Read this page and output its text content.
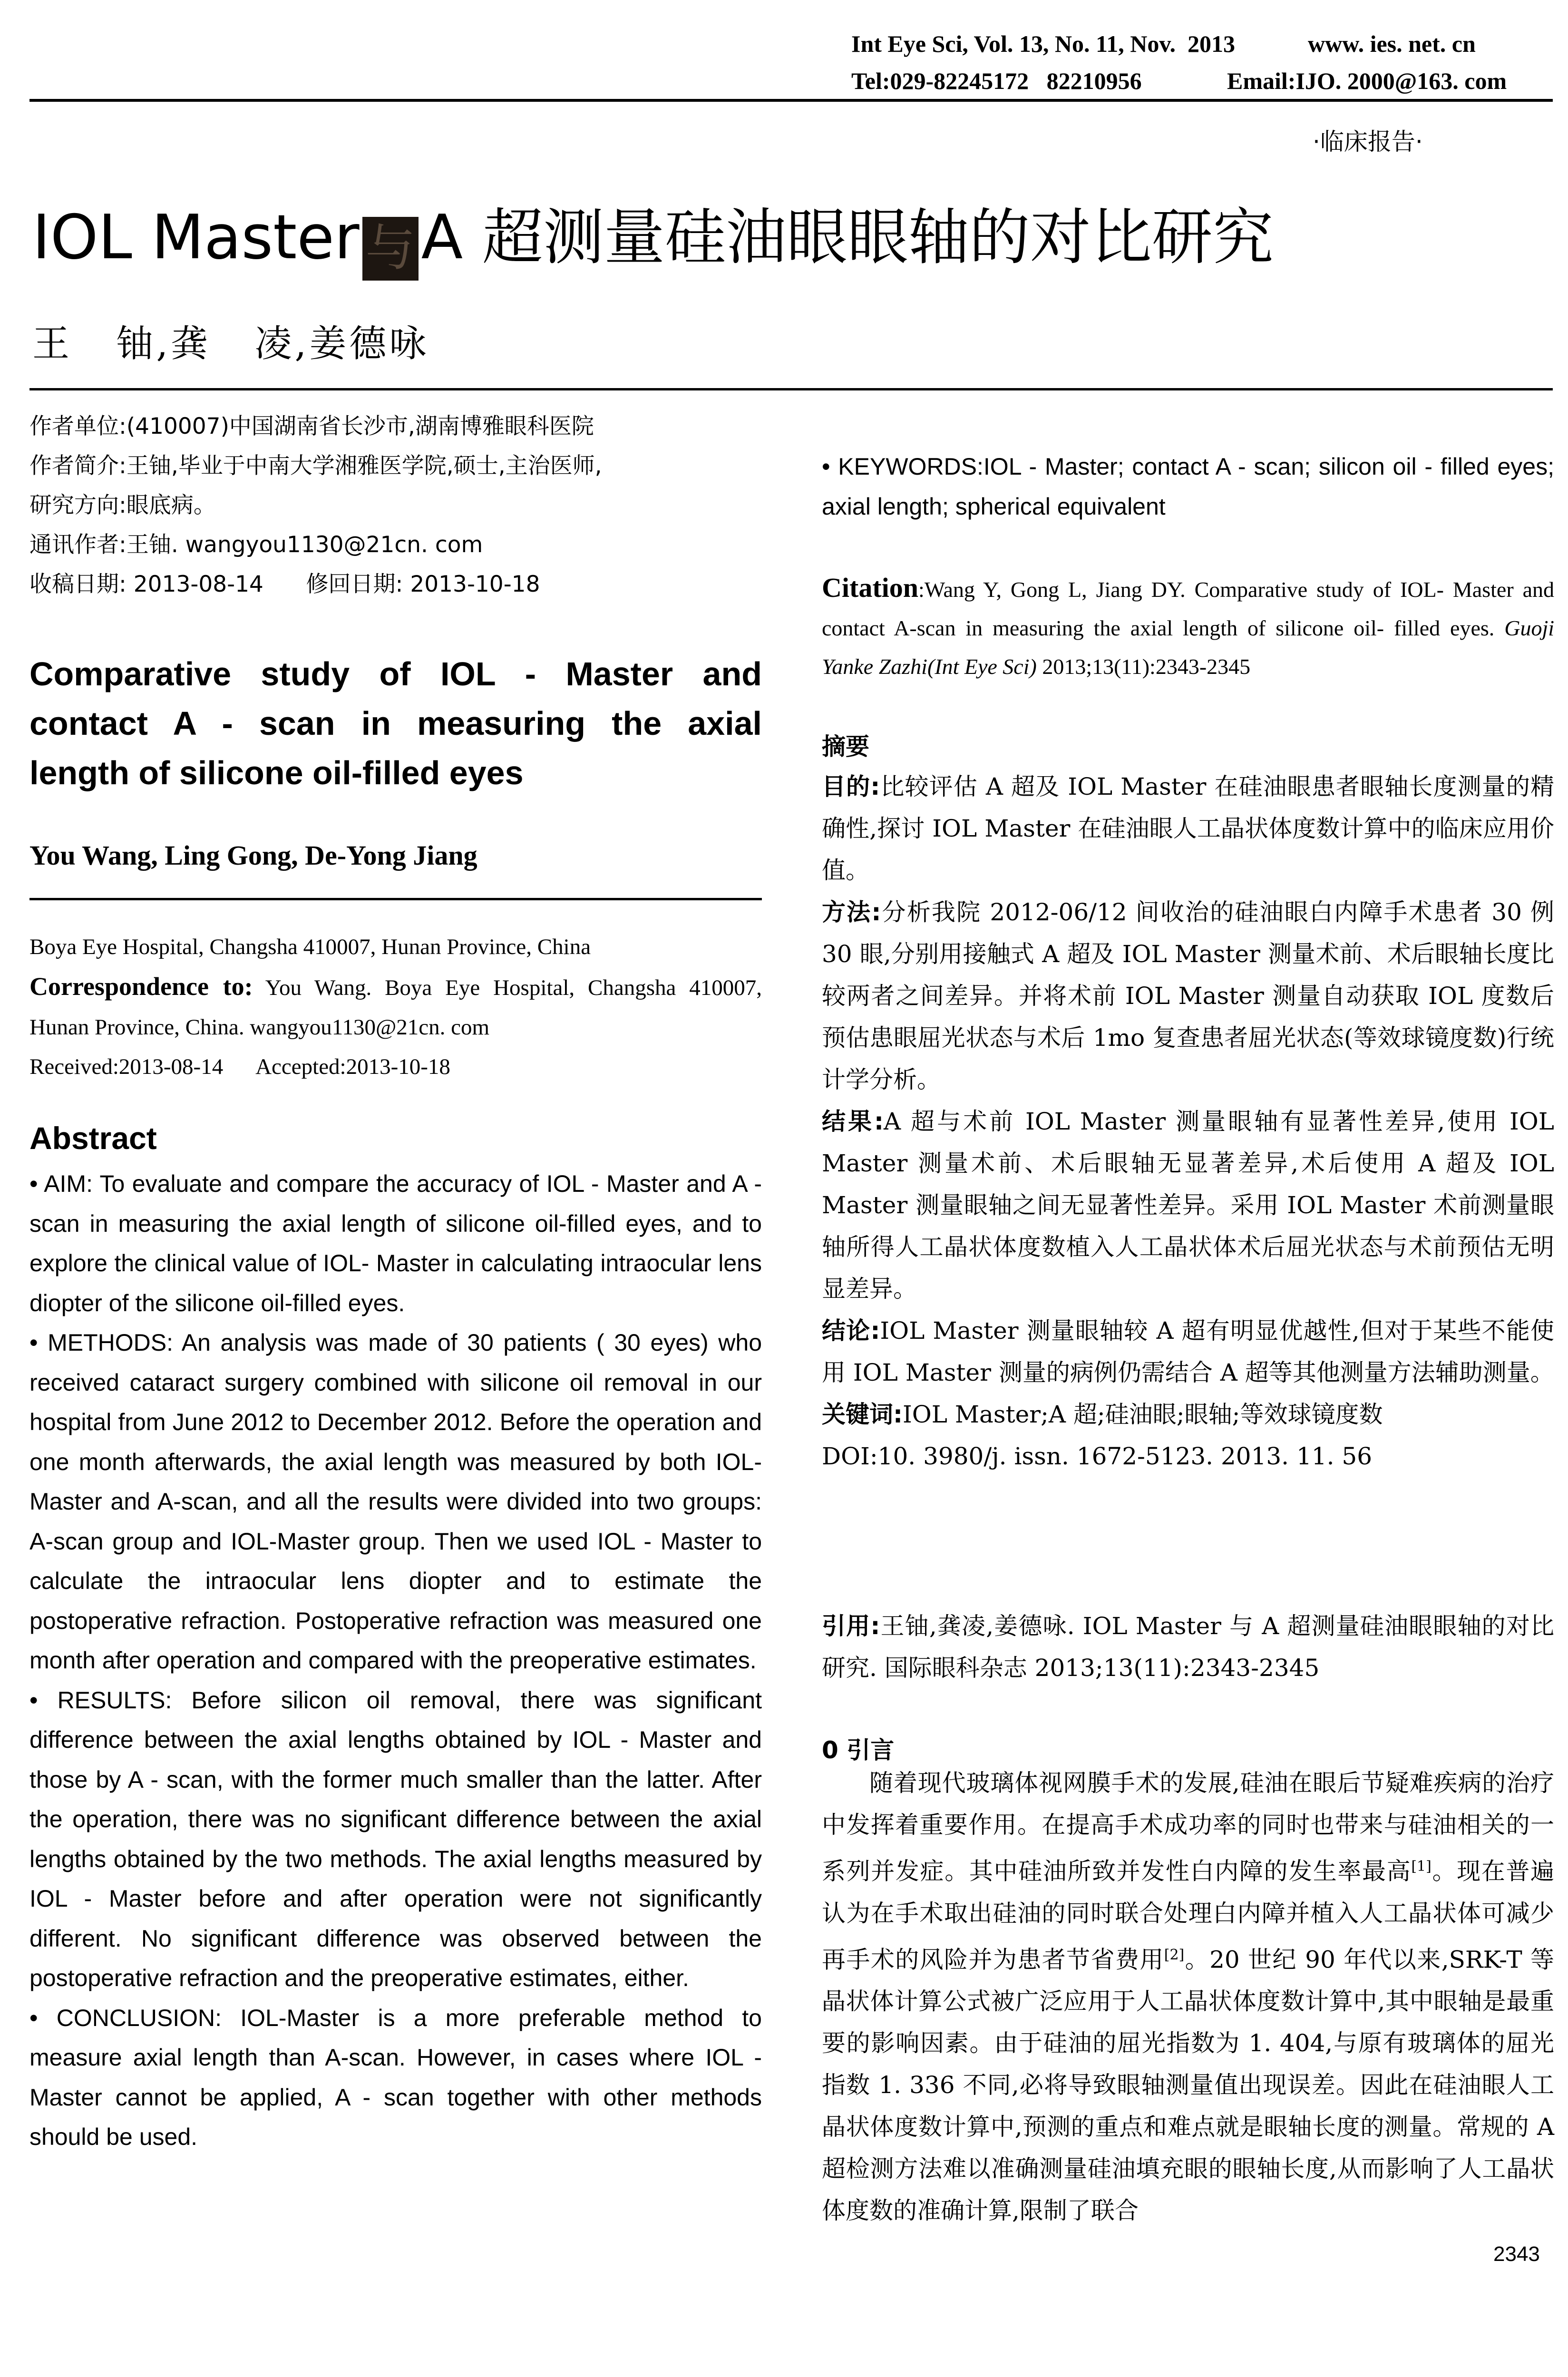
Int Eye Sci, Vol. 13, No. 11, Nov.  2013	www. ies. net. cn
Tel:029-82245172   82210956	Email:IJO. 2000@163. com
·临床报告·
IOL Master 与 A 超测量硅油眼眼轴的对比研究
王   铀,龚   凌,姜德咏

作者单位:(410007)中国湖南省长沙市,湖南博雅眼科医院

作者简介:王铀,毕业于中南大学湘雅医学院,硕士,主治医师,

研究方向:眼底病。

通讯作者:王铀. wangyou1130@21cn. com

收稿日期: 2013-08-14      修回日期: 2013-10-18

Comparative study of IOL - Master and

contact A - scan in measuring the axial

length of silicone oil-filled eyes

You Wang, Ling Gong, De-Yong Jiang

Boya Eye Hospital, Changsha 410007, Hunan Province, China

Correspondence to: You Wang. Boya Eye Hospital, Changsha 410007, Hunan Province, China. wangyou1130@21cn. com

Received:2013-08-14      Accepted:2013-10-18

Abstract

• AIM: To evaluate and compare the accuracy of IOL - Master and A - scan in measuring the axial length of silicone oil-filled eyes, and to explore the clinical value of IOL- Master in calculating intraocular lens diopter of the silicone oil-filled eyes.

• METHODS: An analysis was made of 30 patients ( 30 eyes) who received cataract surgery combined with silicone oil removal in our hospital from June 2012 to December 2012. Before the operation and one month afterwards, the axial length was measured by both IOL- Master and A-scan, and all the results were divided into two groups: A-scan group and IOL-Master group. Then we used IOL - Master to calculate the intraocular lens diopter and to estimate the postoperative refraction. Postoperative refraction was measured one month after operation and compared with the preoperative estimates.

• RESULTS: Before silicon oil removal, there was significant difference between the axial lengths obtained by IOL - Master and those by A - scan, with the former much smaller than the latter. After the operation, there was no significant difference between the axial lengths obtained by the two methods. The axial lengths measured by IOL - Master before and after operation were not significantly different. No significant difference was observed between the postoperative refraction and the preoperative estimates, either.

• CONCLUSION: IOL-Master is a more preferable method to measure axial length than A-scan. However, in cases where IOL - Master cannot be applied, A - scan together with other methods should be used.

• KEYWORDS:IOL - Master; contact A - scan; silicon oil - filled eyes; axial length; spherical equivalent
Citation:Wang Y, Gong L, Jiang DY. Comparative study of IOL- Master and contact A-scan in measuring the axial length of silicone oil- filled eyes. Guoji Yanke Zazhi(Int Eye Sci) 2013;13(11):2343-2345
摘要

目的:比较评估 A 超及 IOL Master 在硅油眼患者眼轴长度测量的精确性,探讨 IOL Master 在硅油眼人工晶状体度数计算中的临床应用价值。

方法:分析我院 2012-06/12 间收治的硅油眼白内障手术患者 30 例 30 眼,分别用接触式 A 超及 IOL Master 测量术前、术后眼轴长度比较两者之间差异。并将术前 IOL Master 测量自动获取 IOL 度数后预估患眼屈光状态与术后 1mo 复查患者屈光状态(等效球镜度数)行统计学分析。

结果:A 超与术前 IOL Master 测量眼轴有显著性差异,使用 IOL Master 测量术前、术后眼轴无显著差异,术后使用 A 超及 IOL Master 测量眼轴之间无显著性差异。采用 IOL Master 术前测量眼轴所得人工晶状体度数植入人工晶状体术后屈光状态与术前预估无明显差异。

结论:IOL Master 测量眼轴较 A 超有明显优越性,但对于某些不能使用 IOL Master 测量的病例仍需结合 A 超等其他测量方法辅助测量。

关键词:IOL Master;A 超;硅油眼;眼轴;等效球镜度数

DOI:10. 3980/j. issn. 1672-5123. 2013. 11. 56

引用:王铀,龚凌,姜德咏. IOL Master 与 A 超测量硅油眼眼轴的对比研究. 国际眼科杂志 2013;13(11):2343-2345
0 引言
随着现代玻璃体视网膜手术的发展,硅油在眼后节疑难疾病的治疗中发挥着重要作用。在提高手术成功率的同时也带来与硅油相关的一系列并发症。其中硅油所致并发性白内障的发生率最高[1]。现在普遍认为在手术取出硅油的同时联合处理白内障并植入人工晶状体可减少再手术的风险并为患者节省费用[2]。20 世纪 90 年代以来,SRK-T 等晶状体计算公式被广泛应用于人工晶状体度数计算中,其中眼轴是最重要的影响因素。由于硅油的屈光指数为 1. 404,与原有玻璃体的屈光指数 1. 336 不同,必将导致眼轴测量值出现误差。因此在硅油眼人工晶状体度数计算中,预测的重点和难点就是眼轴长度的测量。常规的 A 超检测方法难以准确测量硅油填充眼的眼轴长度,从而影响了人工晶状体度数的准确计算,限制了联合
2343
